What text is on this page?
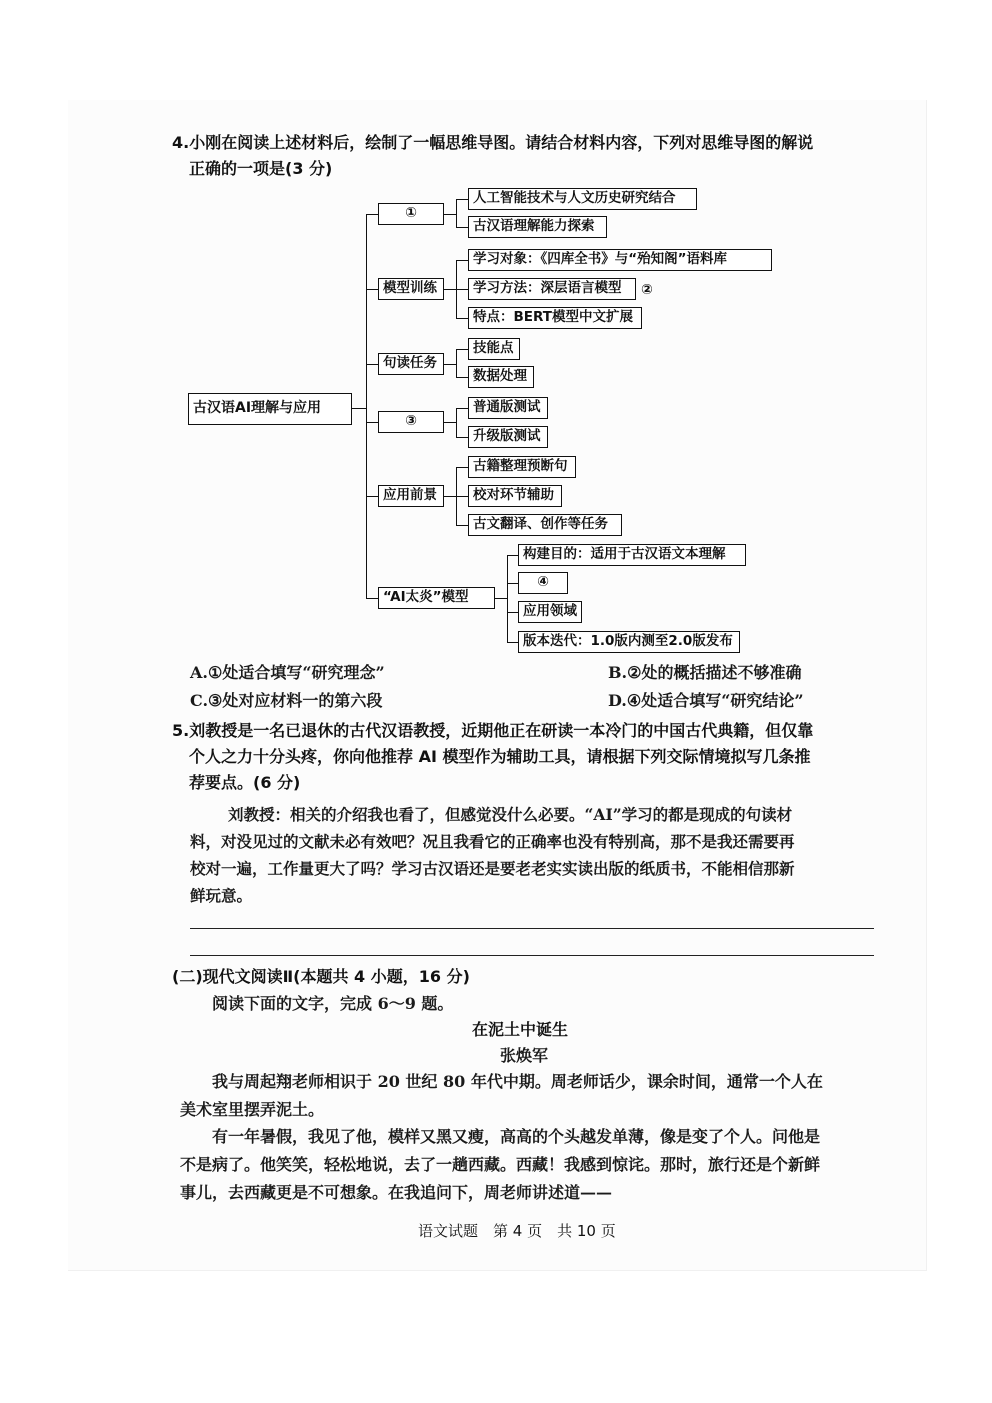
4.小刚在阅读上述材料后，绘制了一幅思维导图。请结合材料内容，下列对思维导图的解说
正确的一项是(3 分)
古汉语AI理解与应用
①
人工智能技术与人文历史研究结合
古汉语理解能力探索
模型训练
学习对象：《四库全书》与“殆知阁”语料库
学习方法：深层语言模型	②
特点：BERT模型中文扩展
句读任务
技能点
数据处理
③
普通版测试
升级版测试
应用前景
古籍整理预断句
校对环节辅助
古文翻译、创作等任务
“AI太炎”模型
构建目的：适用于古汉语文本理解
④
应用领域
版本迭代：1.0版内测至2.0版发布
A.①处适合填写“研究理念”	B.②处的概括描述不够准确
C.③处对应材料一的第六段	D.④处适合填写“研究结论”
5.刘教授是一名已退休的古代汉语教授，近期他正在研读一本冷门的中国古代典籍，但仅靠
个人之力十分头疼，你向他推荐 AI 模型作为辅助工具，请根据下列交际情境拟写几条推
荐要点。(6 分)
刘教授：相关的介绍我也看了，但感觉没什么必要。“AI”学习的都是现成的句读材
料，对没见过的文献未必有效吧？况且我看它的正确率也没有特别高，那不是我还需要再
校对一遍，工作量更大了吗？学习古汉语还是要老老实实读出版的纸质书，不能相信那新
鲜玩意。
(二)现代文阅读Ⅱ(本题共 4 小题，16 分)
阅读下面的文字，完成 6～9 题。
在泥土中诞生
张焕军
我与周起翔老师相识于 20 世纪 80 年代中期。周老师话少，课余时间，通常一个人在
美术室里摆弄泥土。
有一年暑假，我见了他，模样又黑又瘦，高高的个头越发单薄，像是变了个人。问他是
不是病了。他笑笑，轻松地说，去了一趟西藏。西藏！我感到惊诧。那时，旅行还是个新鲜
事儿，去西藏更是不可想象。在我追问下，周老师讲述道——
语文试题　第 4 页　共 10 页
